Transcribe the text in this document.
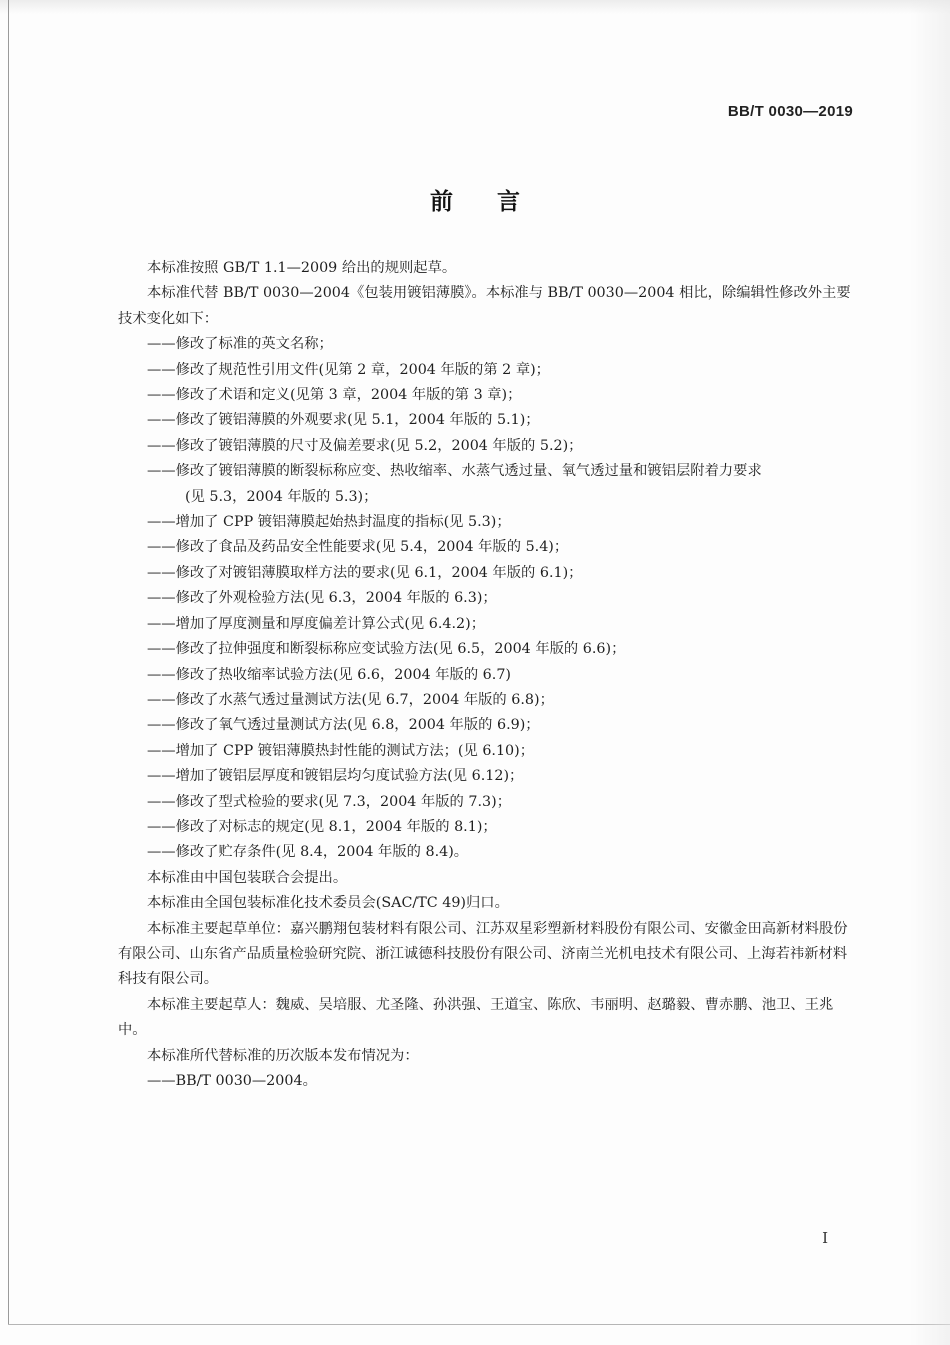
BB/T 0030—2019
前言

本标准按照 GB/T 1.1—2009 给出的规则起草。

本标准代替 BB/T 0030—2004《包装用镀铝薄膜》。本标准与 BB/T 0030—2004 相比，除编辑性修改外主要技术变化如下：

——修改了标准的英文名称；

——修改了规范性引用文件(见第 2 章，2004 年版的第 2 章)；

——修改了术语和定义(见第 3 章，2004 年版的第 3 章)；

——修改了镀铝薄膜的外观要求(见 5.1，2004 年版的 5.1)；

——修改了镀铝薄膜的尺寸及偏差要求(见 5.2，2004 年版的 5.2)；

——修改了镀铝薄膜的断裂标称应变、热收缩率、水蒸气透过量、氧气透过量和镀铝层附着力要求

(见 5.3，2004 年版的 5.3)；

——增加了 CPP 镀铝薄膜起始热封温度的指标(见 5.3)；

——修改了食品及药品安全性能要求(见 5.4，2004 年版的 5.4)；

——修改了对镀铝薄膜取样方法的要求(见 6.1，2004 年版的 6.1)；

——修改了外观检验方法(见 6.3，2004 年版的 6.3)；

——增加了厚度测量和厚度偏差计算公式(见 6.4.2)；

——修改了拉伸强度和断裂标称应变试验方法(见 6.5，2004 年版的 6.6)；

——修改了热收缩率试验方法(见 6.6，2004 年版的 6.7)

——修改了水蒸气透过量测试方法(见 6.7，2004 年版的 6.8)；

——修改了氧气透过量测试方法(见 6.8，2004 年版的 6.9)；

——增加了 CPP 镀铝薄膜热封性能的测试方法；(见 6.10)；

——增加了镀铝层厚度和镀铝层均匀度试验方法(见 6.12)；

——修改了型式检验的要求(见 7.3，2004 年版的 7.3)；

——修改了对标志的规定(见 8.1，2004 年版的 8.1)；

——修改了贮存条件(见 8.4，2004 年版的 8.4)。

本标准由中国包装联合会提出。

本标准由全国包装标准化技术委员会(SAC/TC 49)归口。

本标准主要起草单位：嘉兴鹏翔包装材料有限公司、江苏双星彩塑新材料股份有限公司、安徽金田高新材料股份有限公司、山东省产品质量检验研究院、浙江诚德科技股份有限公司、济南兰光机电技术有限公司、上海若祎新材料科技有限公司。

本标准主要起草人：魏威、吴培服、尤圣隆、孙洪强、王道宝、陈欣、韦丽明、赵璐毅、曹赤鹏、池卫、王兆中。

本标准所代替标准的历次版本发布情况为：

——BB/T 0030—2004。

I
